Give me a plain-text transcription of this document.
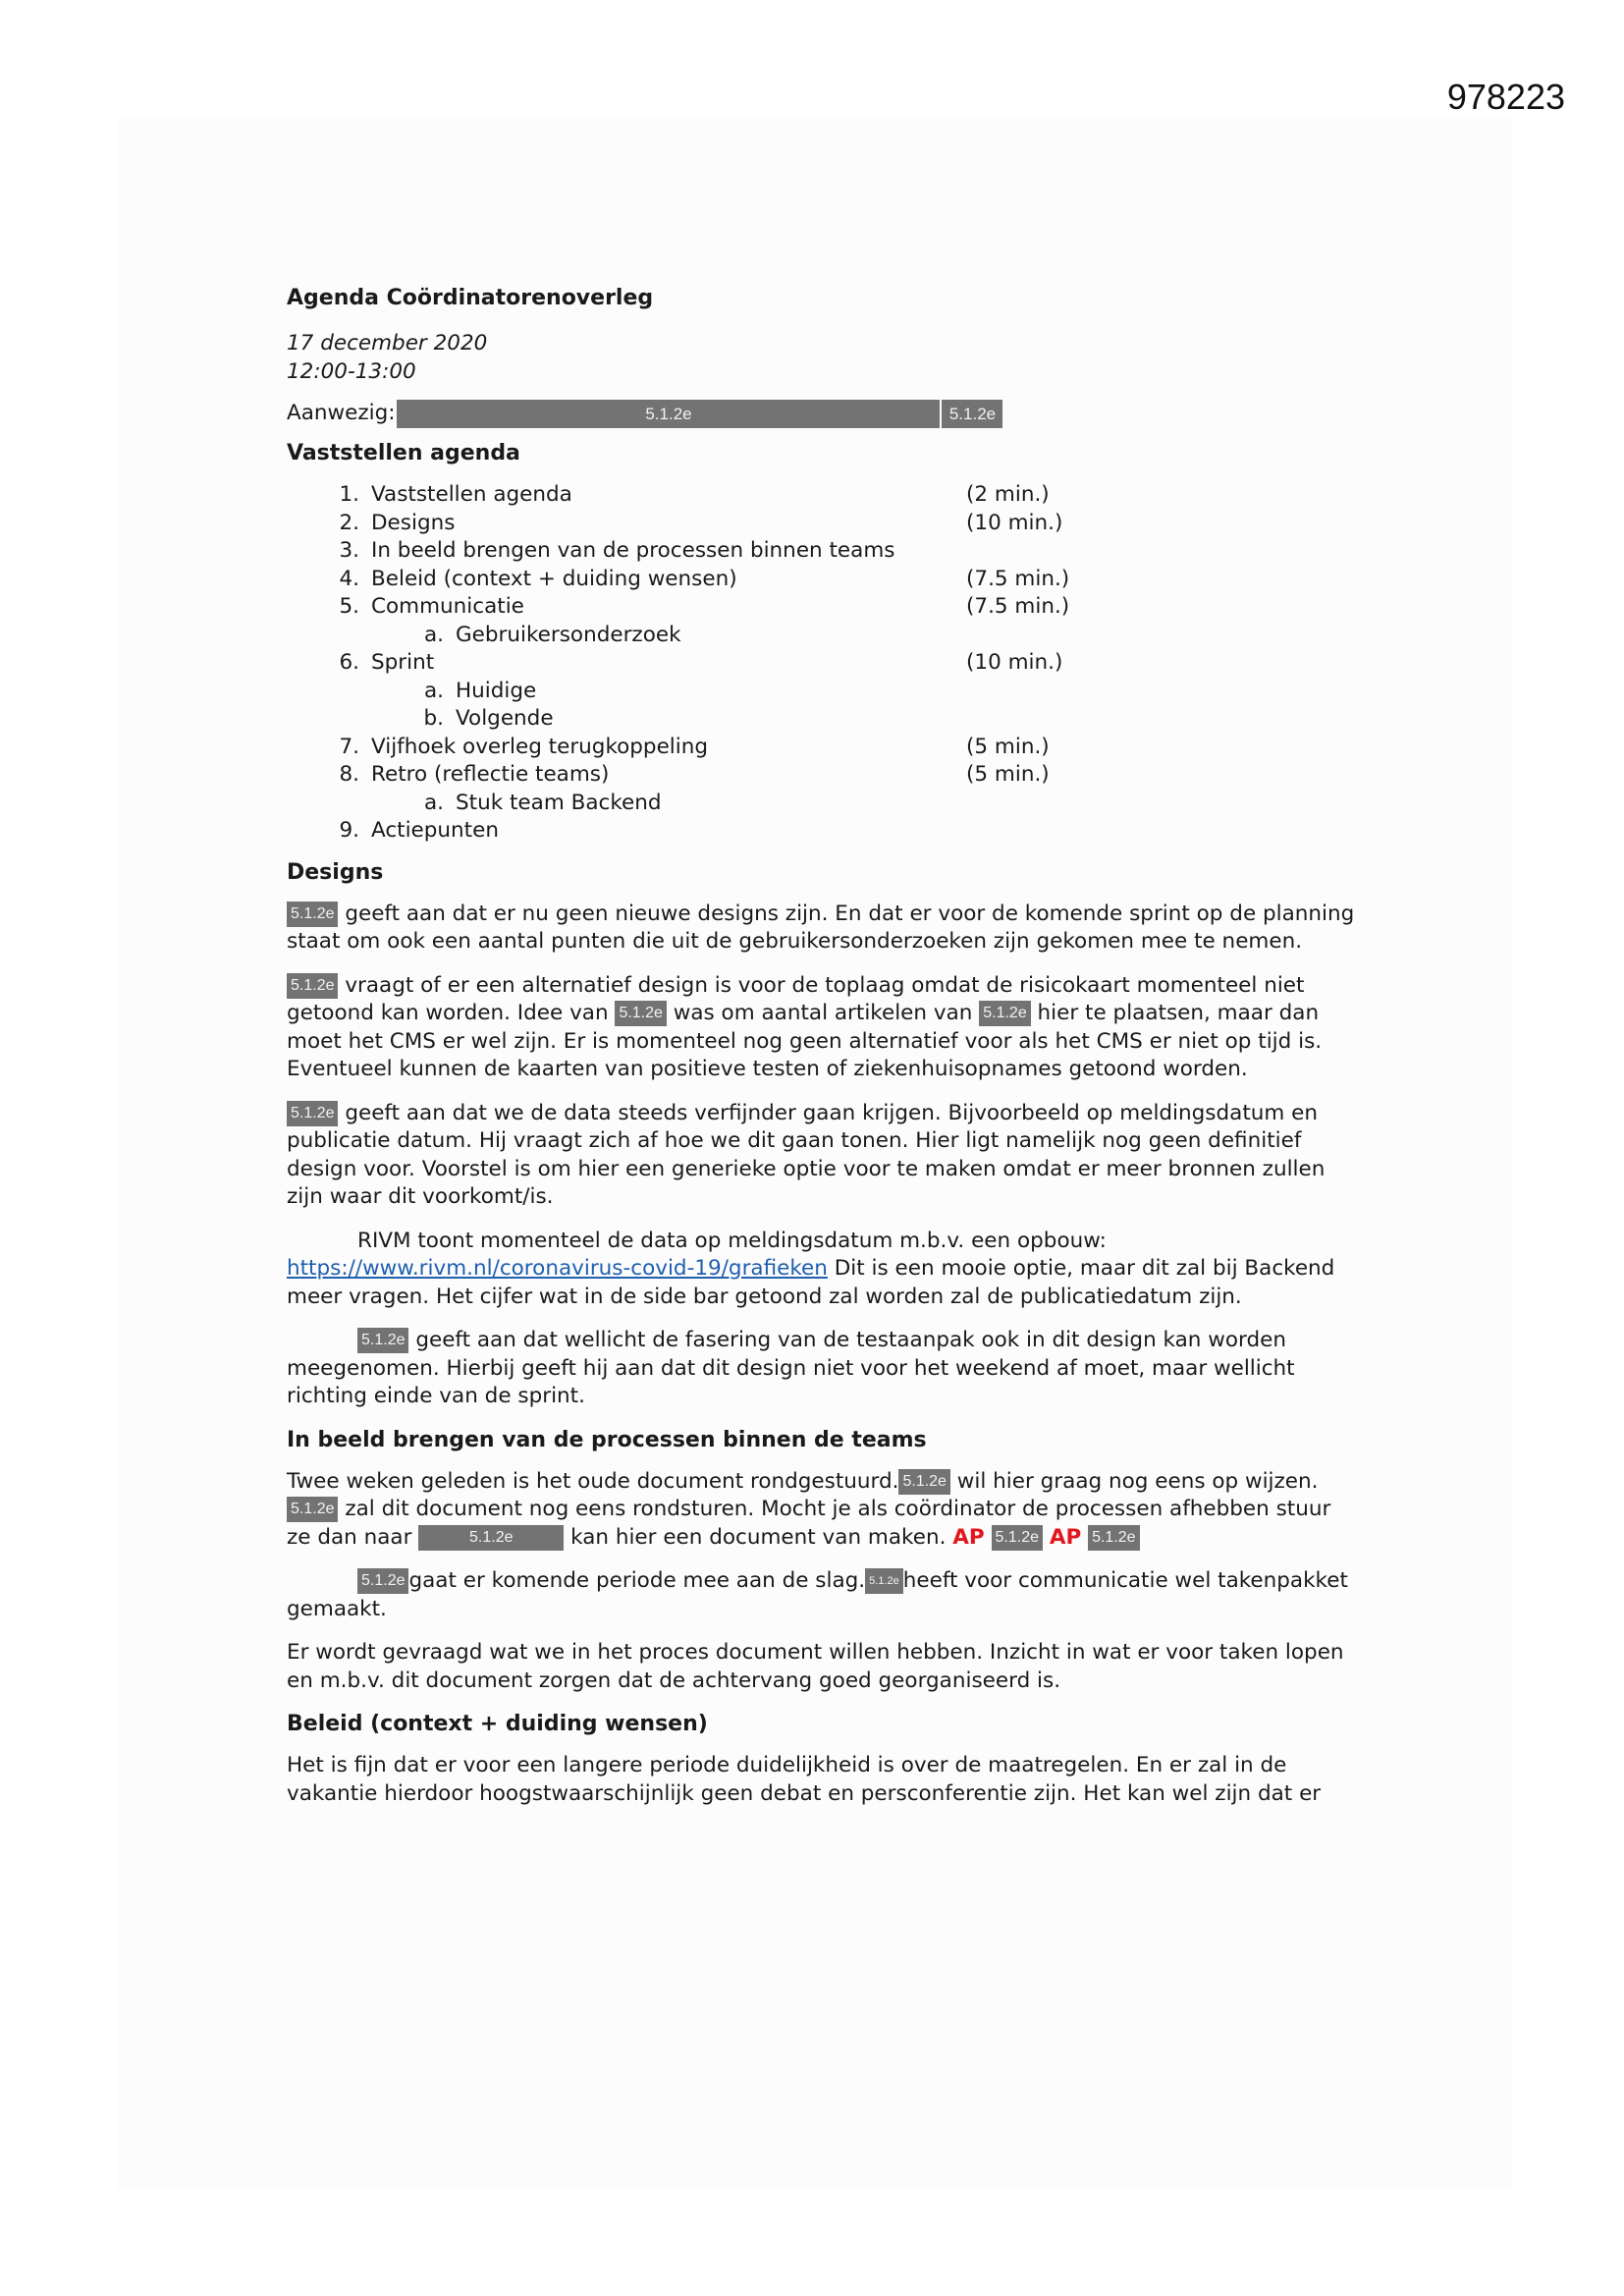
978223
Agenda Coördinatorenoverleg

17 december 2020

12:00-13:00

Aanwezig:	5.1.2e	5.1.2e
Vaststellen agenda
1. Vaststellen agenda	(2 min.)
2. Designs	(10 min.)
3. In beeld brengen van de processen binnen teams
4. Beleid (context + duiding wensen)	(7.5 min.)
5. Communicatie	(7.5 min.)
a. Gebruikersonderzoek
6. Sprint	(10 min.)
a. Huidige
b. Volgende
7. Vijfhoek overleg terugkoppeling	(5 min.)
8. Retro (reflectie teams)	(5 min.)
a. Stuk team Backend
9. Actiepunten
Designs

5.1.2e geeft aan dat er nu geen nieuwe designs zijn. En dat er voor de komende sprint op de planning staat om ook een aantal punten die uit de gebruikersonderzoeken zijn gekomen mee te nemen.

5.1.2e vraagt of er een alternatief design is voor de toplaag omdat de risicokaart momenteel niet getoond kan worden. Idee van 5.1.2e was om aantal artikelen van 5.1.2e hier te plaatsen, maar dan moet het CMS er wel zijn. Er is momenteel nog geen alternatief voor als het CMS er niet op tijd is. Eventueel kunnen de kaarten van positieve testen of ziekenhuisopnames getoond worden.

5.1.2e geeft aan dat we de data steeds verfijnder gaan krijgen. Bijvoorbeeld op meldingsdatum en publicatie datum. Hij vraagt zich af hoe we dit gaan tonen. Hier ligt namelijk nog geen definitief design voor. Voorstel is om hier een generieke optie voor te maken omdat er meer bronnen zullen zijn waar dit voorkomt/is.

RIVM toont momenteel de data op meldingsdatum m.b.v. een opbouw:
https://www.rivm.nl/coronavirus-covid-19/grafieken Dit is een mooie optie, maar dit zal bij Backend meer vragen. Het cijfer wat in de side bar getoond zal worden zal de publicatiedatum zijn.

5.1.2e geeft aan dat wellicht de fasering van de testaanpak ook in dit design kan worden meegenomen. Hierbij geeft hij aan dat dit design niet voor het weekend af moet, maar wellicht richting einde van de sprint.

In beeld brengen van de processen binnen de teams

Twee weken geleden is het oude document rondgestuurd. 5.1.2e wil hier graag nog eens op wijzen. 5.1.2e zal dit document nog eens rondsturen. Mocht je als coördinator de processen afhebben stuur ze dan naar	5.1.2e kan hier een document van maken. AP 5.1.2e AP 5.1.2e

5.1.2e gaat er komende periode mee aan de slag. 5.1.2e heeft voor communicatie wel takenpakket gemaakt.

Er wordt gevraagd wat we in het proces document willen hebben. Inzicht in wat er voor taken lopen en m.b.v. dit document zorgen dat de achtervang goed georganiseerd is.

Beleid (context + duiding wensen)

Het is fijn dat er voor een langere periode duidelijkheid is over de maatregelen. En er zal in de vakantie hierdoor hoogstwaarschijnlijk geen debat en persconferentie zijn. Het kan wel zijn dat er
